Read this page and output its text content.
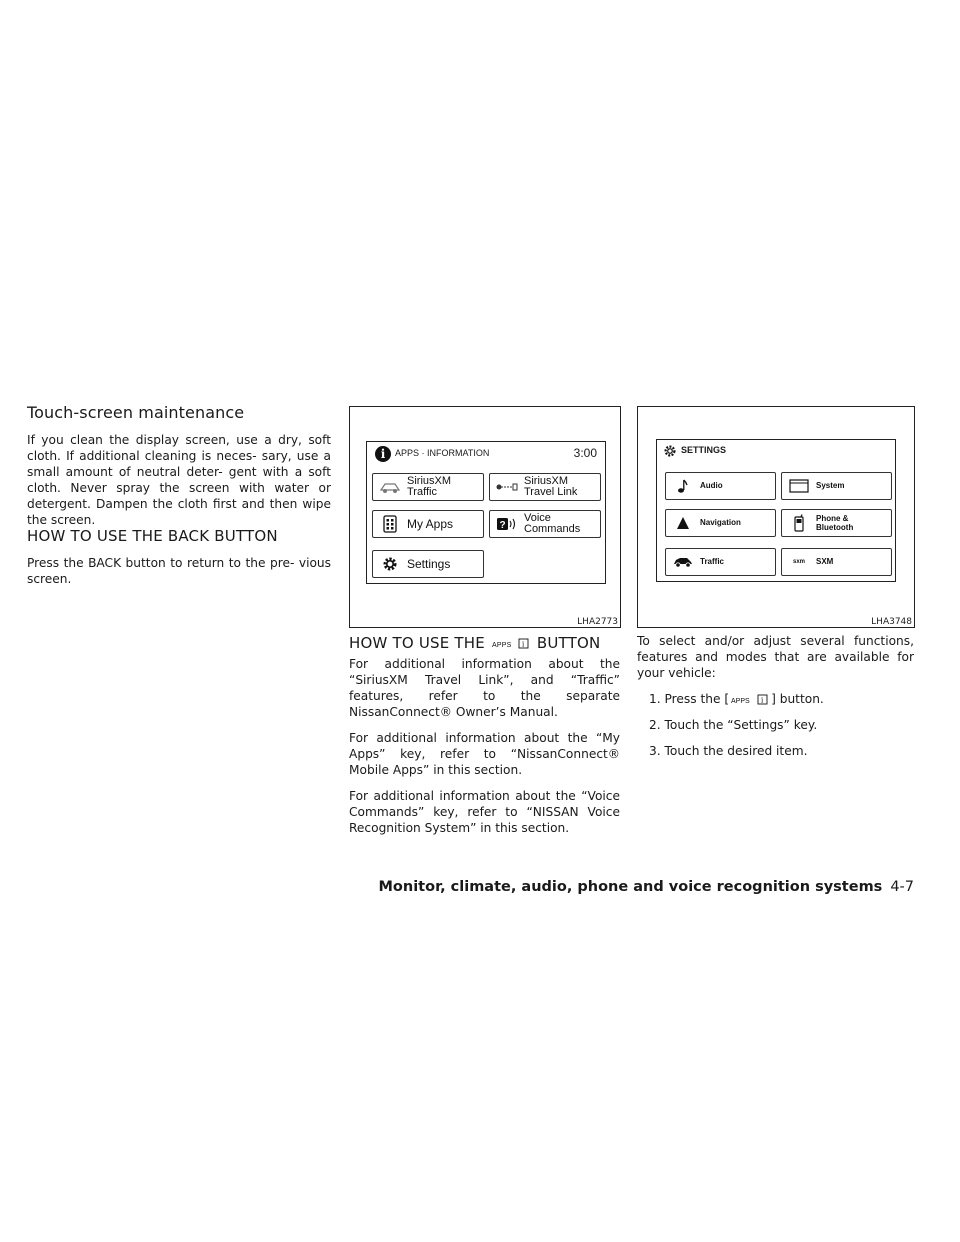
Touch-screen maintenance

If you clean the display screen, use a dry, soft cloth. If additional cleaning is neces- sary, use a small amount of neutral deter- gent with a soft cloth. Never spray the screen with water or detergent. Dampen the cloth first and then wipe the screen.

HOW TO USE THE BACK BUTTON

Press the BACK button to return to the pre- vious screen.

i	APPS · INFORMATION	3:00
SiriusXM
Traffic
SiriusXM
Travel Link
My Apps	?
Voice
Commands
Settings
LHA2773
SETTINGS
Audio	System
Navigation	Phone &
Bluetooth
Traffic	sxm SXM
LHA3748
HOW TO USE THE APPS i BUTTON

For additional information about the “SiriusXM Travel Link”, and “Traffic” features, refer to the separate NissanConnect® Owner’s Manual.

For additional information about the “My Apps” key, refer to “NissanConnect® Mobile Apps” in this section.

For additional information about the “Voice Commands” key, refer to “NISSAN Voice Recognition System” in this section.

To select and/or adjust several functions, features and modes that are available for your vehicle:

1. Press the [ APPS i ] button.
2. Touch the “Settings” key.
3. Touch the desired item.
Monitor, climate, audio, phone and voice recognition systems 4-7
